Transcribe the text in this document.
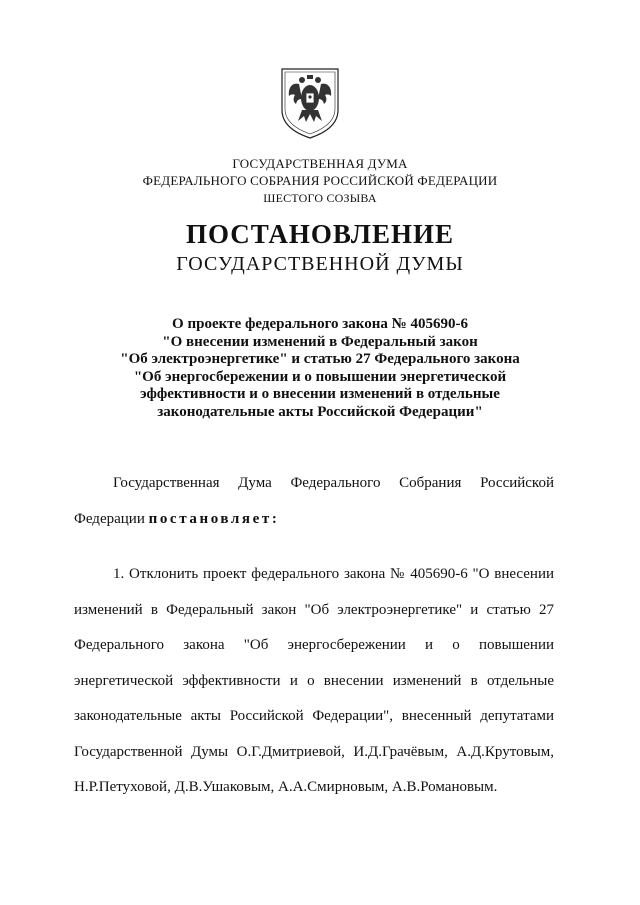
ГОСУДАРСТВЕННАЯ ДУМА
ФЕДЕРАЛЬНОГО СОБРАНИЯ РОССИЙСКОЙ ФЕДЕРАЦИИ
ШЕСТОГО СОЗЫВА
ПОСТАНОВЛЕНИЕ
ГОСУДАРСТВЕННОЙ ДУМЫ
О проекте федерального закона № 405690-6
"О внесении изменений в Федеральный закон
"Об электроэнергетике" и статью 27 Федерального закона
"Об энергосбережении и о повышении энергетической
эффективности и о внесении изменений в отдельные
законодательные акты Российской Федерации"
Государственная Дума Федерального Собрания Российской
Федерации постановляет:
1. Отклонить проект федерального закона № 405690-6 "О внесении
изменений в Федеральный закон "Об электроэнергетике" и статью 27
Федерального закона "Об энергосбережении и о повышении
энергетической эффективности и о внесении изменений в отдельные
законодательные акты Российской Федерации", внесенный депутатами
Государственной Думы О.Г.Дмитриевой, И.Д.Грачёвым, А.Д.Крутовым,
Н.Р.Петуховой, Д.В.Ушаковым, А.А.Смирновым, А.В.Романовым.
